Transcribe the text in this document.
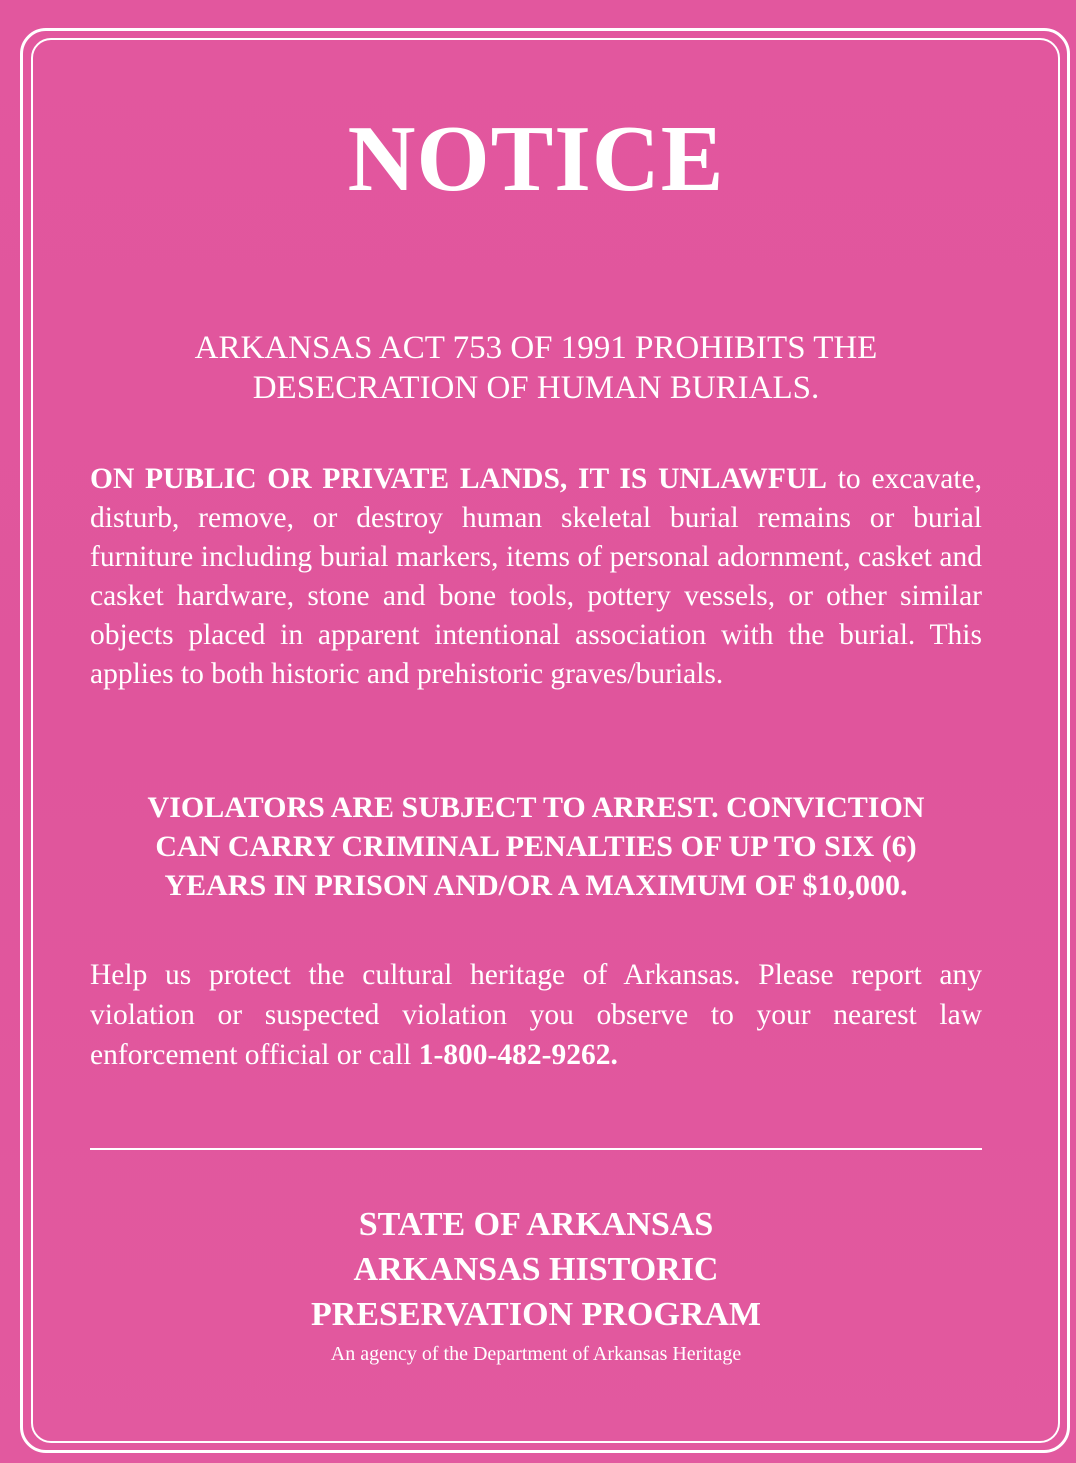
NOTICE
ARKANSAS ACT 753 OF 1991 PROHIBITS THE
DESECRATION OF HUMAN BURIALS.
ON PUBLIC OR PRIVATE LANDS, IT IS UNLAWFUL to excavate, disturb, remove, or destroy human skeletal burial remains or burial furniture including burial markers, items of personal adornment, casket and casket hardware, stone and bone tools, pottery vessels, or other similar objects placed in apparent intentional association with the burial. This applies to both historic and prehistoric graves/burials.
VIOLATORS ARE SUBJECT TO ARREST. CONVICTION
CAN CARRY CRIMINAL PENALTIES OF UP TO SIX (6)
YEARS IN PRISON AND/OR A MAXIMUM OF $10,000.
Help us protect the cultural heritage of Arkansas. Please report any violation or suspected violation you observe to your nearest law enforcement official or call 1-800-482-9262.
STATE OF ARKANSAS
ARKANSAS HISTORIC
PRESERVATION PROGRAM
An agency of the Department of Arkansas Heritage
